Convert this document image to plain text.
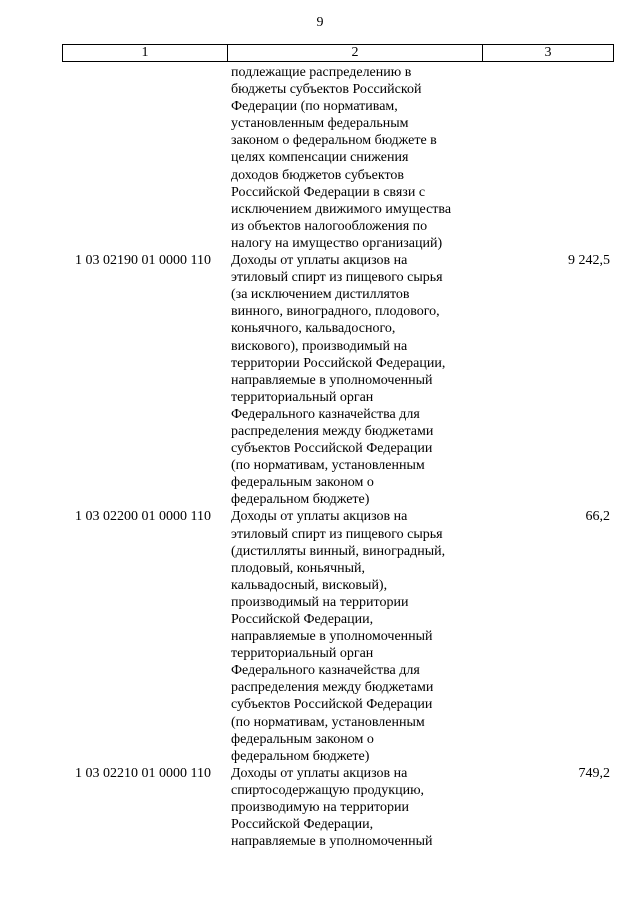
9
1	2	3
подлежащие распределению в
бюджеты субъектов Российской
Федерации (по нормативам,
установленным федеральным
законом о федеральном бюджете в
целях компенсации снижения
доходов бюджетов субъектов
Российской Федерации в связи с
исключением движимого имущества
из объектов налогообложения по
налогу на имущество организаций)
1 03 02190 01 0000 110	Доходы от уплаты акцизов на
этиловый спирт из пищевого сырья
(за исключением дистиллятов
винного, виноградного, плодового,
коньячного, кальвадосного,
вискового), производимый на
территории Российской Федерации,
направляемые в уполномоченный
территориальный орган
Федерального казначейства для
распределения между бюджетами
субъектов Российской Федерации
(по нормативам, установленным
федеральным законом о
федеральном бюджете)
9 242,5
1 03 02200 01 0000 110	Доходы от уплаты акцизов на
этиловый спирт из пищевого сырья
(дистилляты винный, виноградный,
плодовый, коньячный,
кальвадосный, висковый),
производимый на территории
Российской Федерации,
направляемые в уполномоченный
территориальный орган
Федерального казначейства для
распределения между бюджетами
субъектов Российской Федерации
(по нормативам, установленным
федеральным законом о
федеральном бюджете)
66,2
1 03 02210 01 0000 110	Доходы от уплаты акцизов на
спиртосодержащую продукцию,
производимую на территории
Российской Федерации,
направляемые в уполномоченный
749,2
